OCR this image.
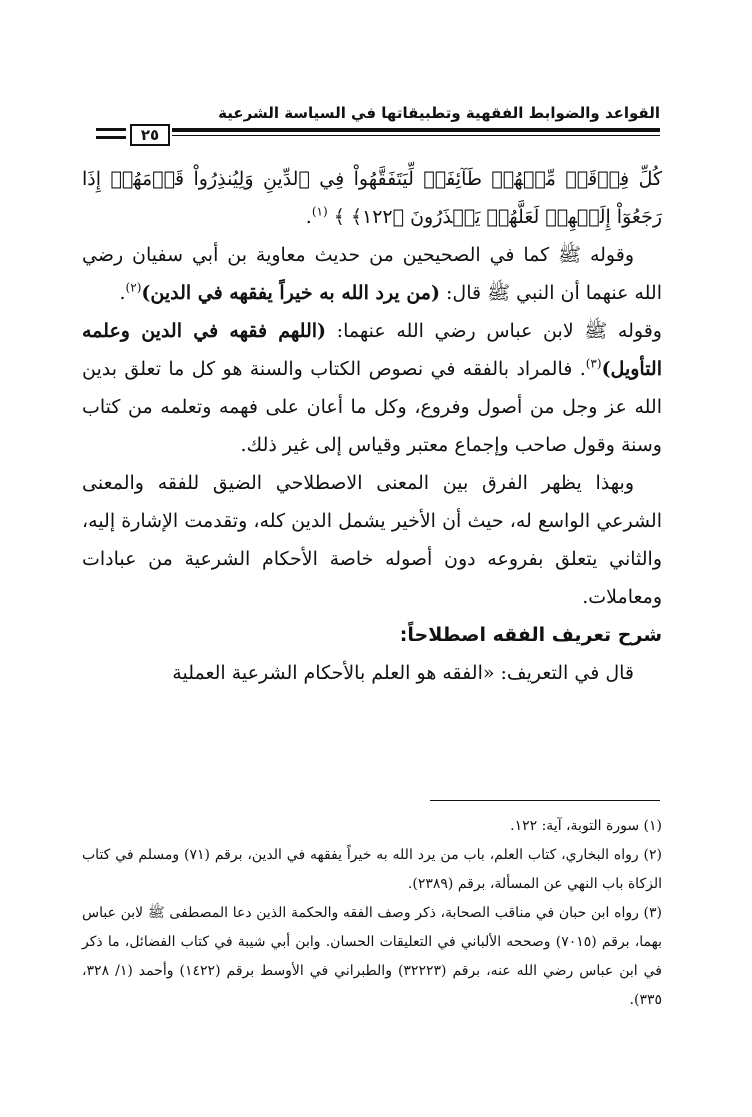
القواعد والضوابط الفقهية وتطبيقاتها في السياسة الشرعية
٢٥

كُلِّ فِرۡقَةٖ مِّنۡهُمۡ طَآئِفَةٞ لِّيَتَفَقَّهُواْ فِي ٱلدِّينِ وَلِيُنذِرُواْ قَوۡمَهُمۡ إِذَا رَجَعُوٓاْ إِلَيۡهِمۡ لَعَلَّهُمۡ يَحۡذَرُونَ ﴿١٢٢﴾ ﴾ $^{(١)}$.

وقوله ﷺ كما في الصحيحين من حديث معاوية بن أبي سفيان رضي الله عنهما أن النبي ﷺ قال: (من يرد الله به خيراً يفقهه في الدين)$^{(٢)}$.

وقوله ﷺ لابن عباس رضي الله عنهما: (اللهم فقهه في الدين وعلمه التأويل)$^{(٣)}$. فالمراد بالفقه في نصوص الكتاب والسنة هو كل ما تعلق بدين الله عز وجل من أصول وفروع، وكل ما أعان على فهمه وتعلمه من كتاب وسنة وقول صاحب وإجماع معتبر وقياس إلى غير ذلك.

وبهذا يظهر الفرق بين المعنى الاصطلاحي الضيق للفقه والمعنى الشرعي الواسع له، حيث أن الأخير يشمل الدين كله، وتقدمت الإشارة إليه، والثاني يتعلق بفروعه دون أصوله خاصة الأحكام الشرعية من عبادات ومعاملات.

شرح تعريف الفقه اصطلاحاً:

قال في التعريف: «الفقه هو العلم بالأحكام الشرعية العملية

(١) سورة التوبة، آية: ١٢٢.

(٢) رواه البخاري، كتاب العلم، باب من يرد الله به خيراً يفقهه في الدين، برقم (٧١) ومسلم في كتاب الزكاة باب النهي عن المسألة، برقم (٢٣٨٩).

(٣) رواه ابن حبان في مناقب الصحابة، ذكر وصف الفقه والحكمة الذين دعا المصطفى ﷺ لابن عباس بهما، برقم (٧٠١٥) وصححه الألباني في التعليقات الحسان. وابن أبي شيبة في كتاب الفضائل، ما ذكر في ابن عباس رضي الله عنه، برقم (٣٢٢٢٣) والطبراني في الأوسط برقم (١٤٢٢) وأحمد (١/ ٣٢٨، ٣٣٥).
